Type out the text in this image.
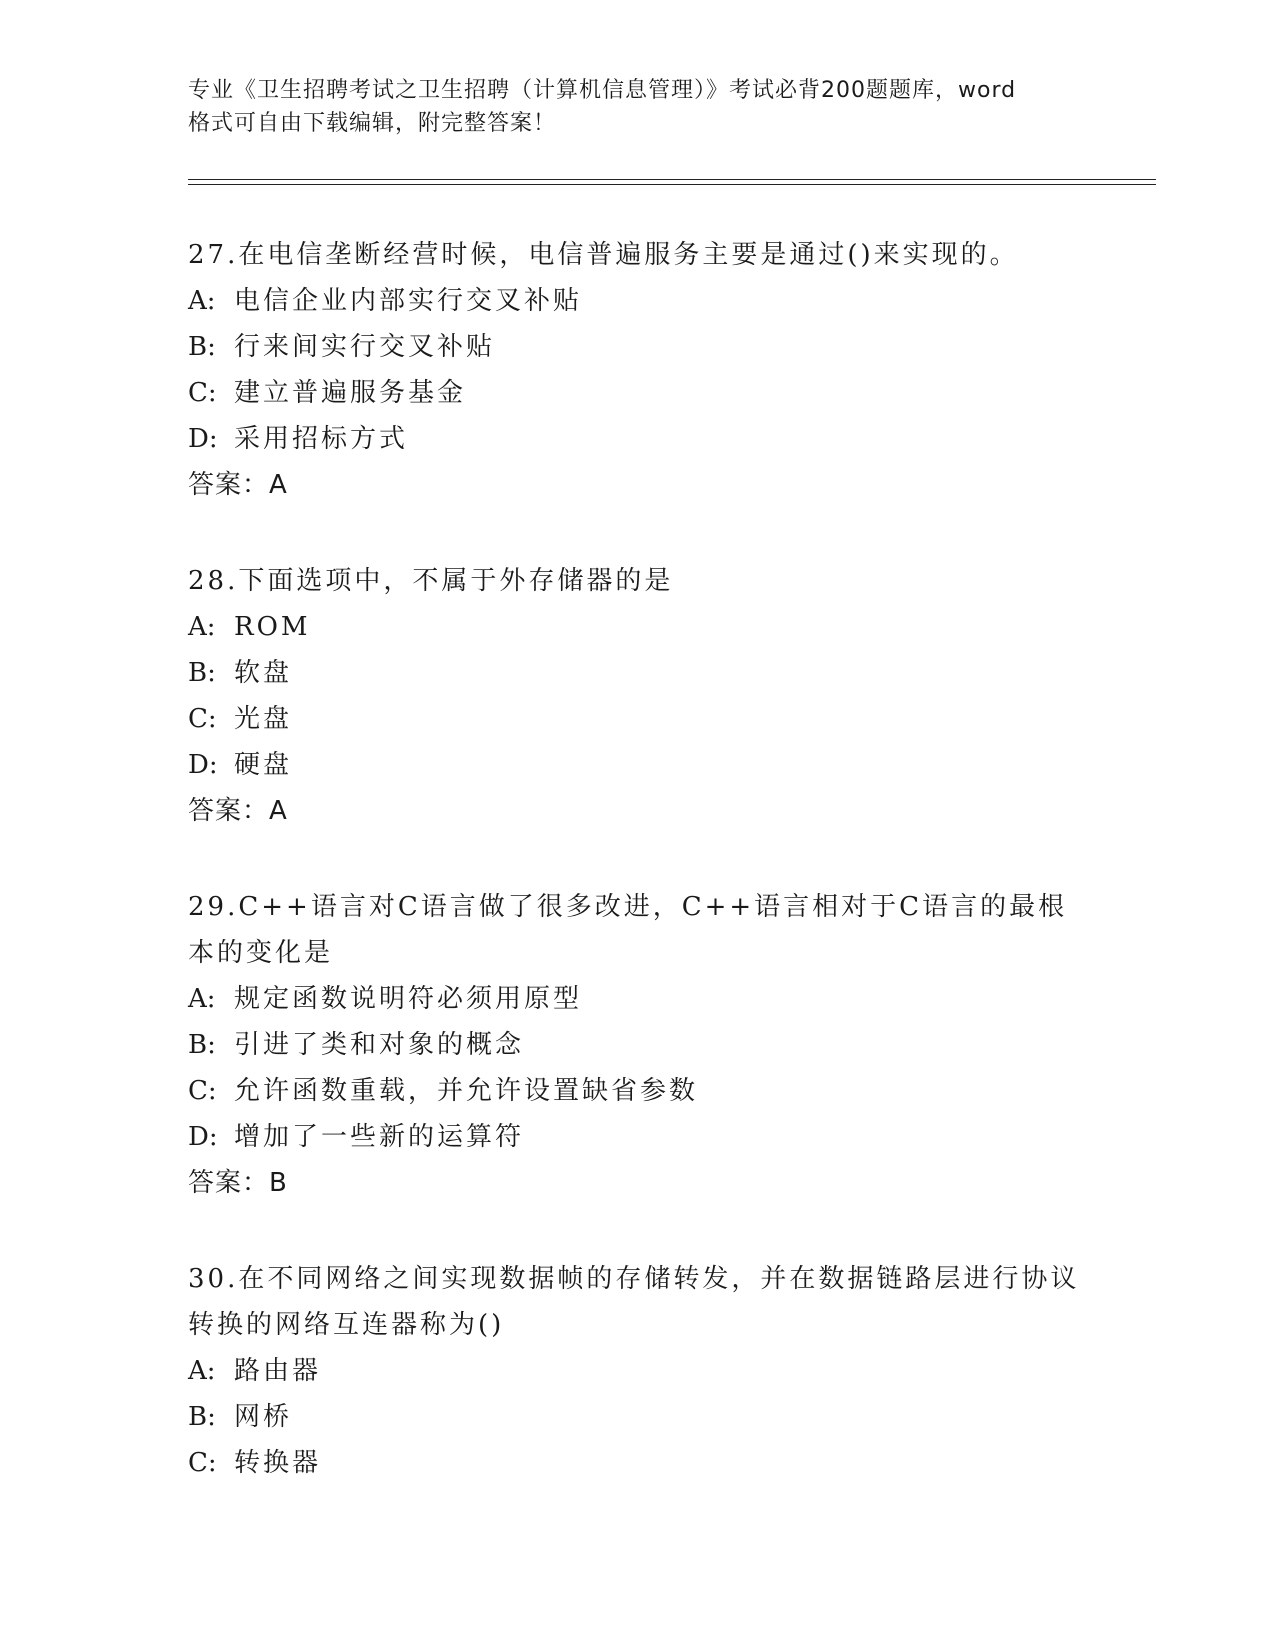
专业《卫生招聘考试之卫生招聘（计算机信息管理）》考试必背200题题库，word
格式可自由下载编辑，附完整答案！
27.在电信垄断经营时候，电信普遍服务主要是通过()来实现的。
A: 电信企业内部实行交叉补贴
B: 行来间实行交叉补贴
C: 建立普遍服务基金
D: 采用招标方式
答案：A
28.下面选项中，不属于外存储器的是
A: ROM
B: 软盘
C: 光盘
D: 硬盘
答案：A
29.C++语言对C语言做了很多改进，C++语言相对于C语言的最根本的变化是
A: 规定函数说明符必须用原型
B: 引进了类和对象的概念
C: 允许函数重载，并允许设置缺省参数
D: 增加了一些新的运算符
答案：B
30.在不同网络之间实现数据帧的存储转发，并在数据链路层进行协议转换的网络互连器称为()
A: 路由器
B: 网桥
C: 转换器
